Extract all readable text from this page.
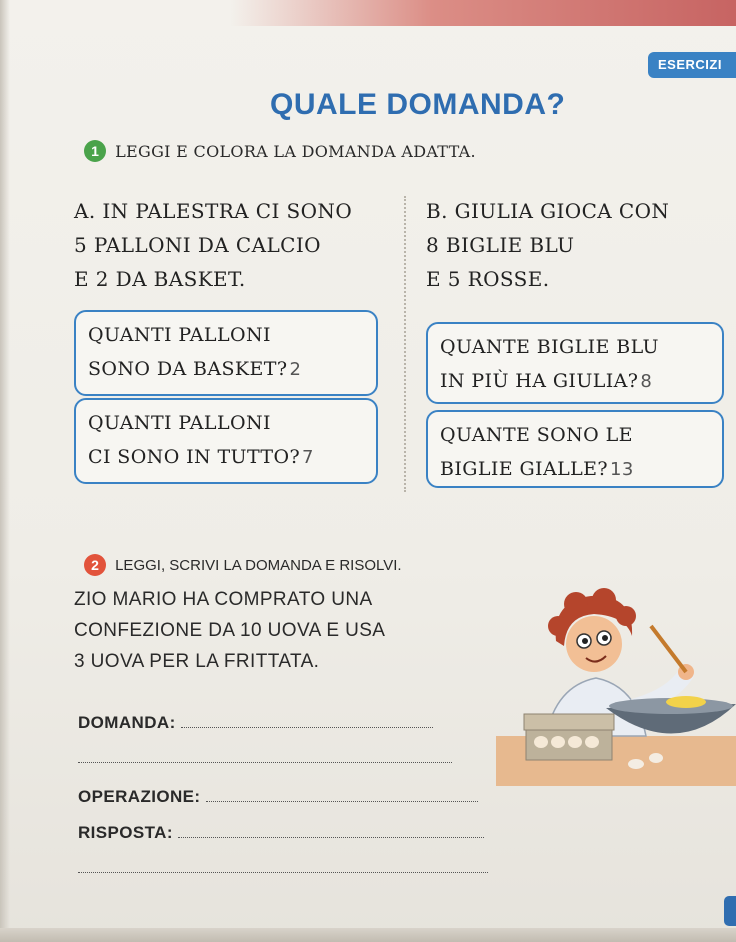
ESERCIZI
QUALE DOMANDA?
1 LEGGI E COLORA LA DOMANDA ADATTA.
A. IN PALESTRA CI SONO
5 PALLONI DA CALCIO
E 2 DA BASKET.
B. GIULIA GIOCA CON
8 BIGLIE BLU
E 5 ROSSE.
QUANTI PALLONI
SONO DA BASKET? 2
QUANTE BIGLIE BLU
IN PIÙ HA GIULIA? 8
QUANTI PALLONI
CI SONO IN TUTTO? 7
QUANTE SONO LE
BIGLIE GIALLE? 13
2 LEGGI, SCRIVI LA DOMANDA E RISOLVI.
ZIO MARIO HA COMPRATO UNA
CONFEZIONE DA 10 UOVA E USA
3 UOVA PER LA FRITTATA.
DOMANDA:
OPERAZIONE:
RISPOSTA:
